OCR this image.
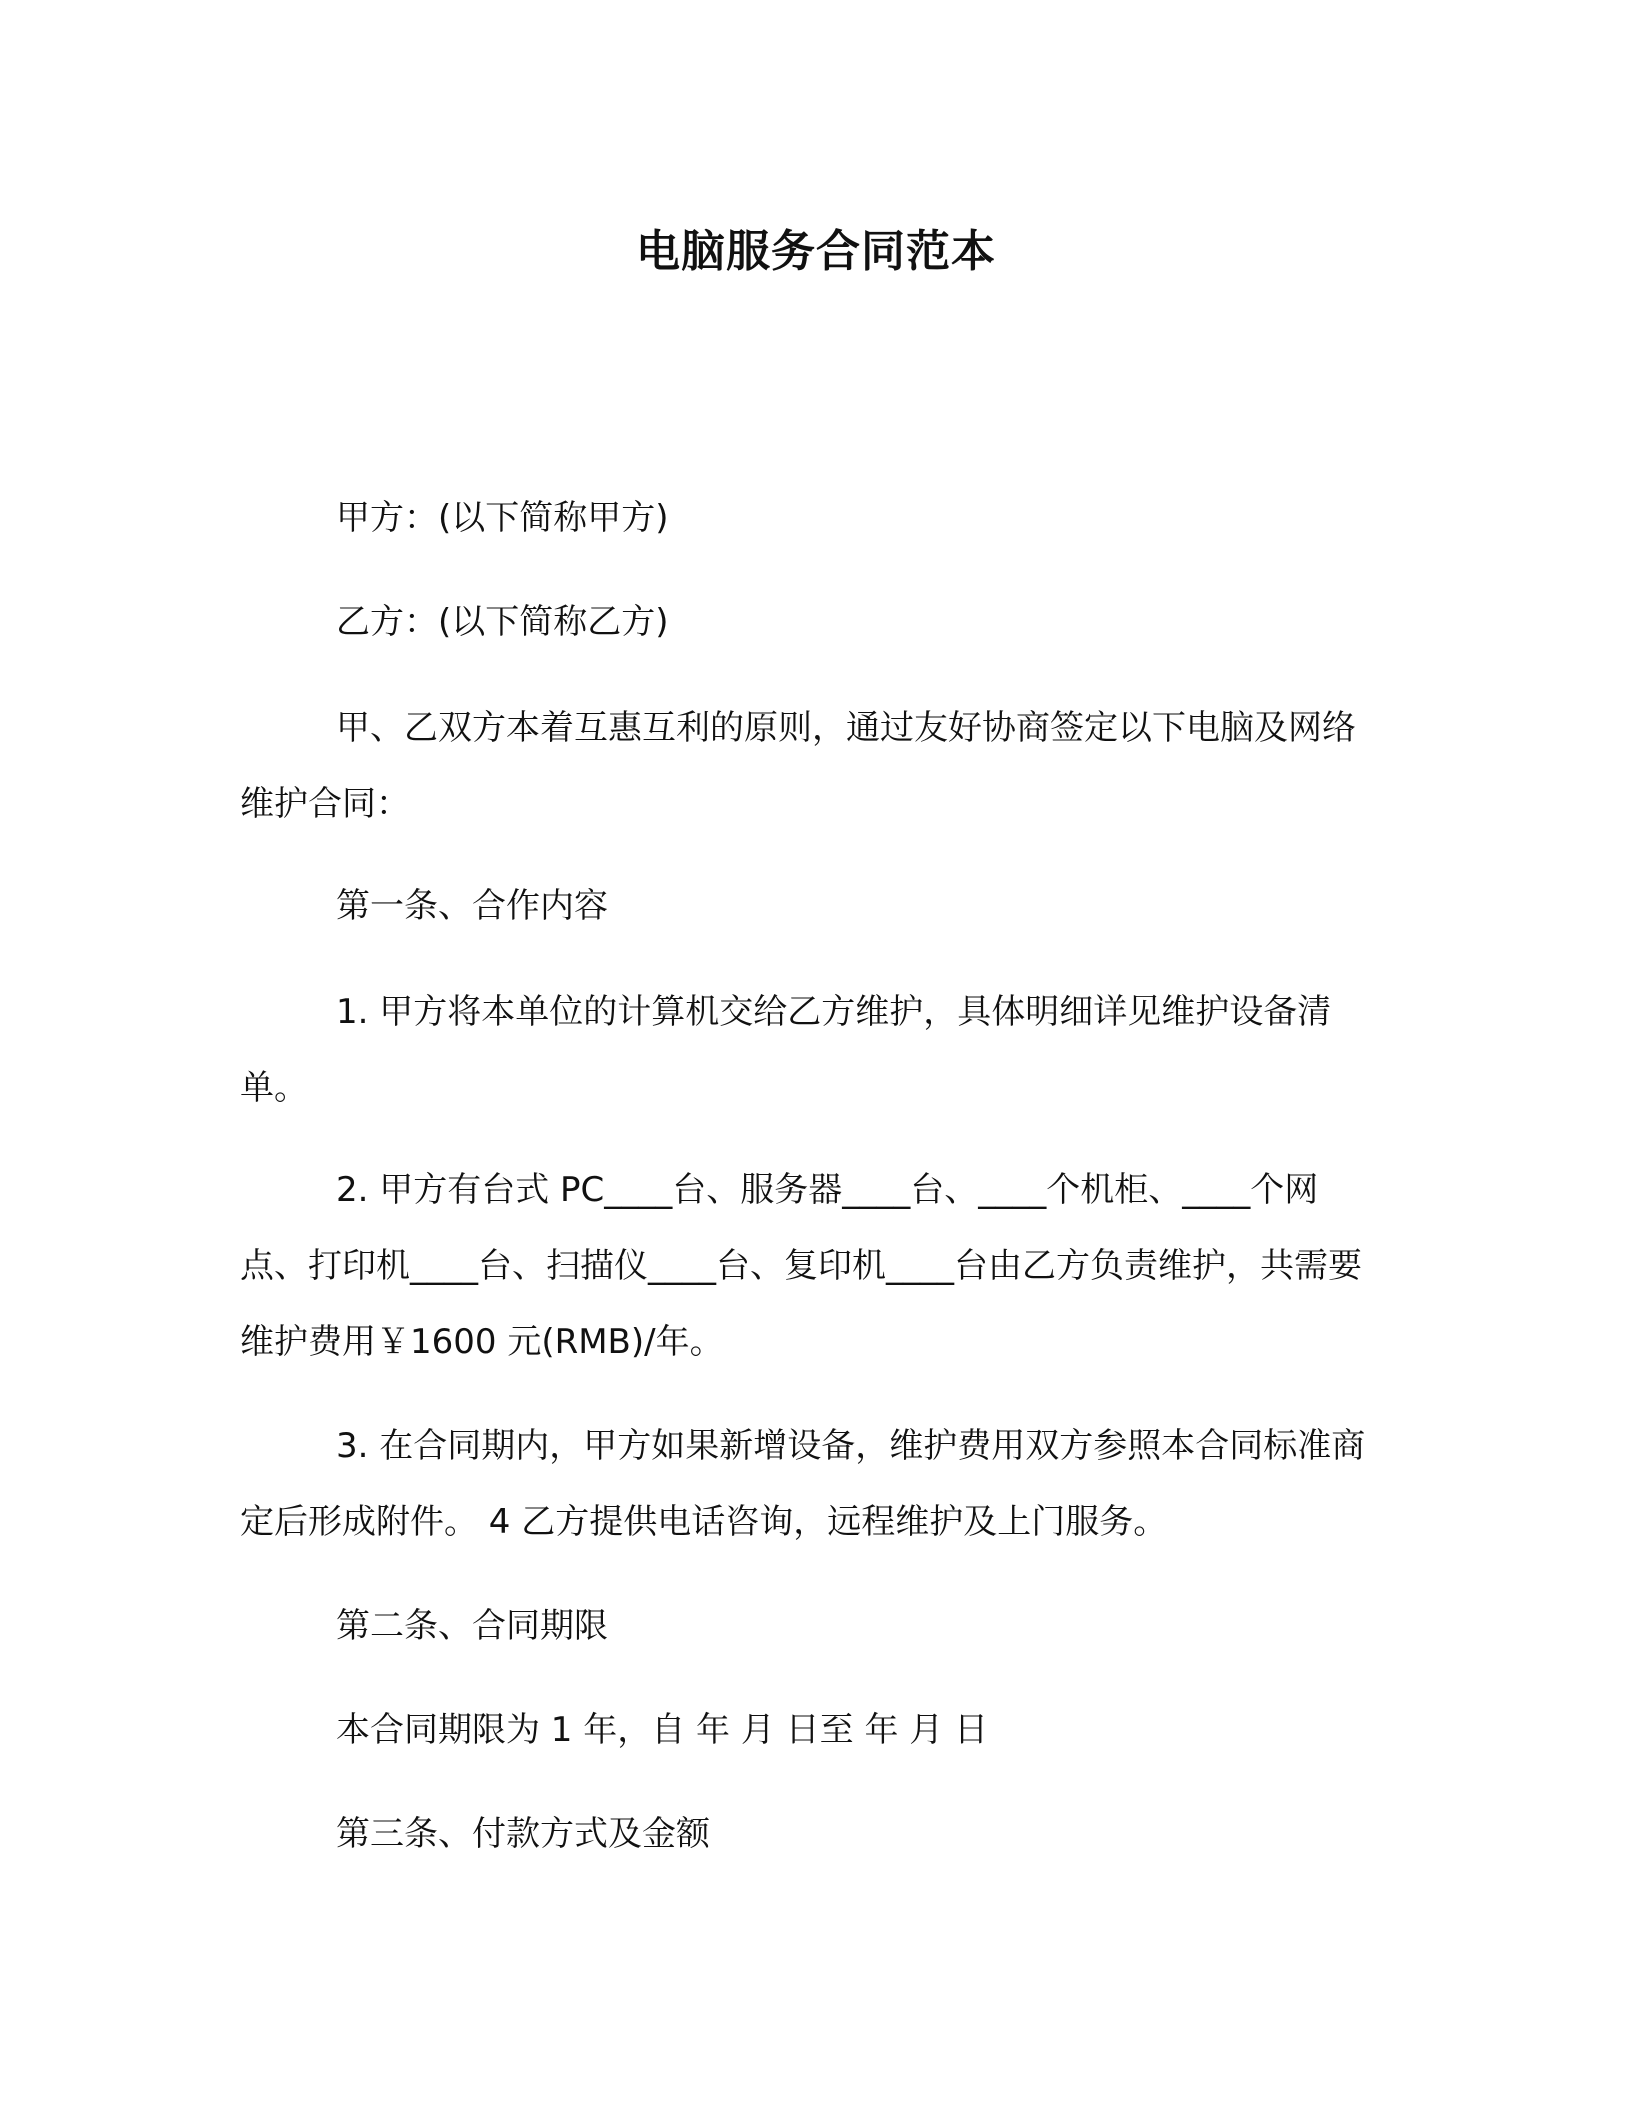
电脑服务合同范本

甲方：(以下简称甲方)

乙方：(以下简称乙方)

甲、乙双方本着互惠互利的原则，通过友好协商签定以下电脑及网络维护合同：

第一条、合作内容

1. 甲方将本单位的计算机交给乙方维护，具体明细详见维护设备清单。

2. 甲方有台式 PC____台、服务器____台、____个机柜、____个网点、打印机____台、扫描仪____台、复印机____台由乙方负责维护，共需要维护费用￥1600 元(RMB)/年。

3. 在合同期内，甲方如果新增设备，维护费用双方参照本合同标准商定后形成附件。 4 乙方提供电话咨询，远程维护及上门服务。

第二条、合同期限

本合同期限为 1 年，自 年 月 日至 年 月 日

第三条、付款方式及金额
